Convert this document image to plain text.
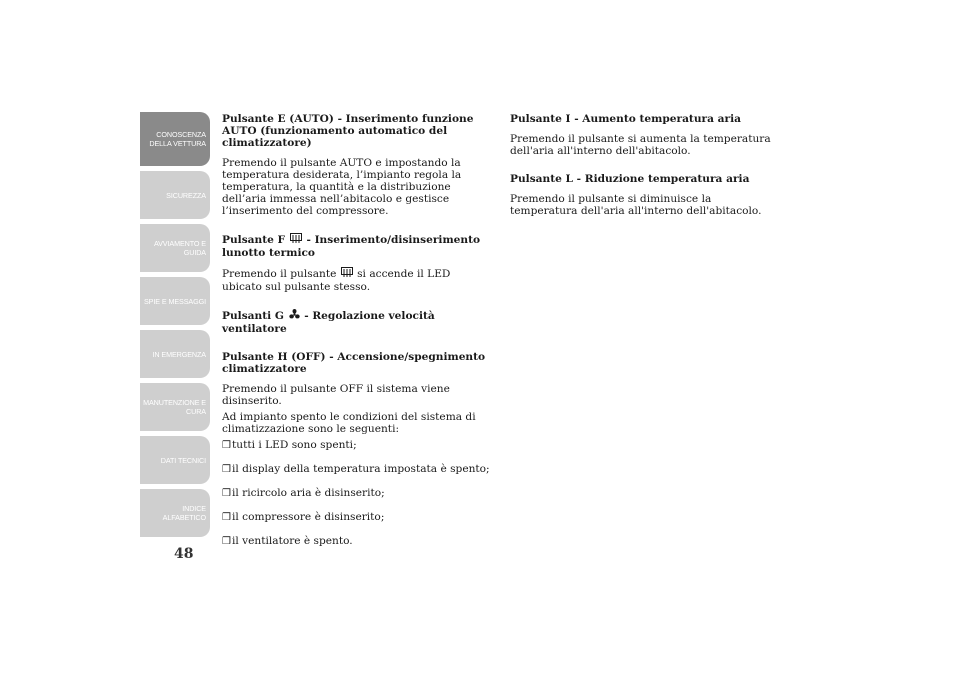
CONOSCENZA
DELLA VETTURA
SICUREZZA
AVVIAMENTO E
GUIDA
SPIE E MESSAGGI
IN EMERGENZA
MANUTENZIONE E
CURA
DATI TECNICI
INDICE
ALFABETICO
48

Pulsante E (AUTO) - Inserimento funzione AUTO (funzionamento automatico del climatizzatore)

Premendo il pulsante AUTO e impostando la temperatura desiderata, l’impianto regola la temperatura, la quantità e la distribuzione dell’aria immessa nell’abitacolo e gestisce l’inserimento del compressore.

Pulsante F - Inserimento/disinserimento lunotto termico

Premendo il pulsante si accende il LED ubicato sul pulsante stesso.

Pulsanti G - Regolazione velocità ventilatore

Pulsante H (OFF) - Accensione/spegnimento climatizzatore

Premendo il pulsante OFF il sistema viene disinserito.

Ad impianto spento le condizioni del sistema di climatizzazione sono le seguenti:

❒tutti i LED sono spenti;
❒il display della temperatura impostata è spento;
❒il ricircolo aria è disinserito;
❒il compressore è disinserito;
❒il ventilatore è spento.

Pulsante I - Aumento temperatura aria

Premendo il pulsante si aumenta la temperatura dell'aria all'interno dell'abitacolo.

Pulsante L - Riduzione temperatura aria

Premendo il pulsante si diminuisce la temperatura dell'aria all'interno dell'abitacolo.
